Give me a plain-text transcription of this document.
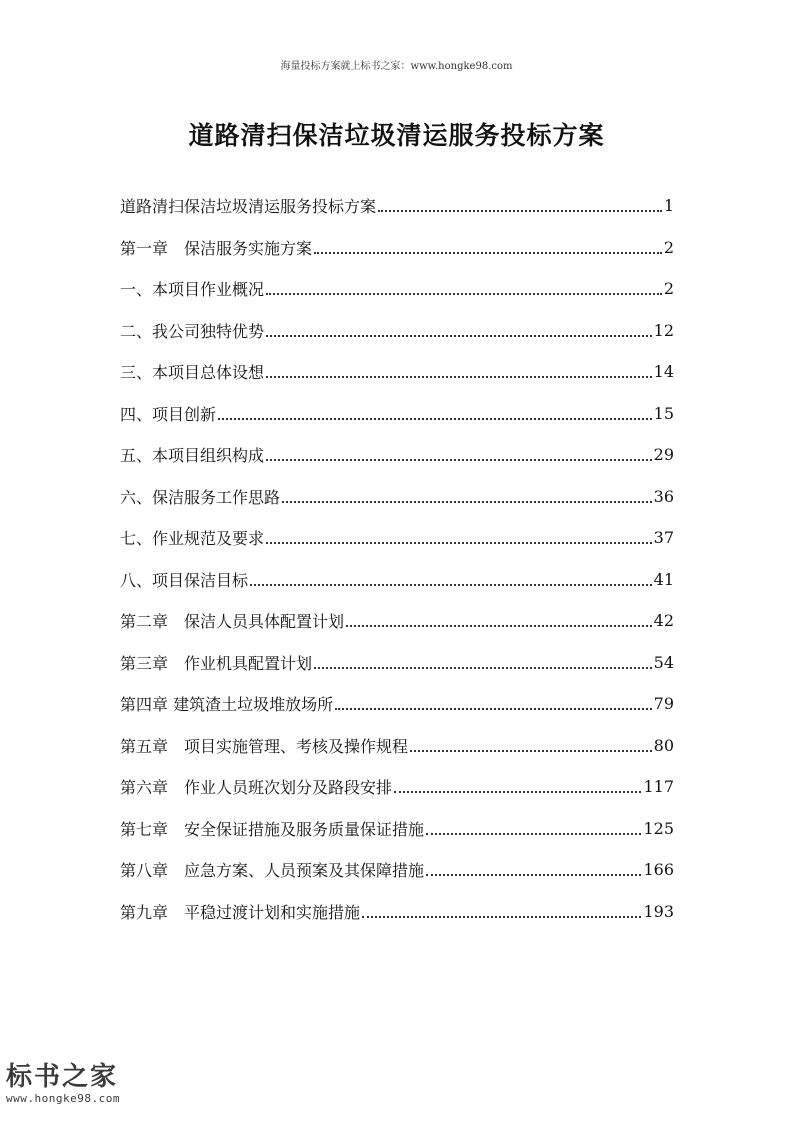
海量投标方案就上标书之家：www.hongke98.com
道路清扫保洁垃圾清运服务投标方案
道路清扫保洁垃圾清运服务投标方案	1
第一章　保洁服务实施方案	2
一、本项目作业概况	2
二、我公司独特优势	12
三、本项目总体设想	14
四、项目创新	15
五、本项目组织构成	29
六、保洁服务工作思路	36
七、作业规范及要求	37
八、项目保洁目标	41
第二章　保洁人员具体配置计划	42
第三章　作业机具配置计划	54
第四章 建筑渣土垃圾堆放场所	79
第五章　项目实施管理、考核及操作规程	80
第六章　作业人员班次划分及路段安排	117
第七章　安全保证措施及服务质量保证措施	125
第八章　应急方案、人员预案及其保障措施	166
第九章　平稳过渡计划和实施措施	193
标书之家
www.hongke98.com
